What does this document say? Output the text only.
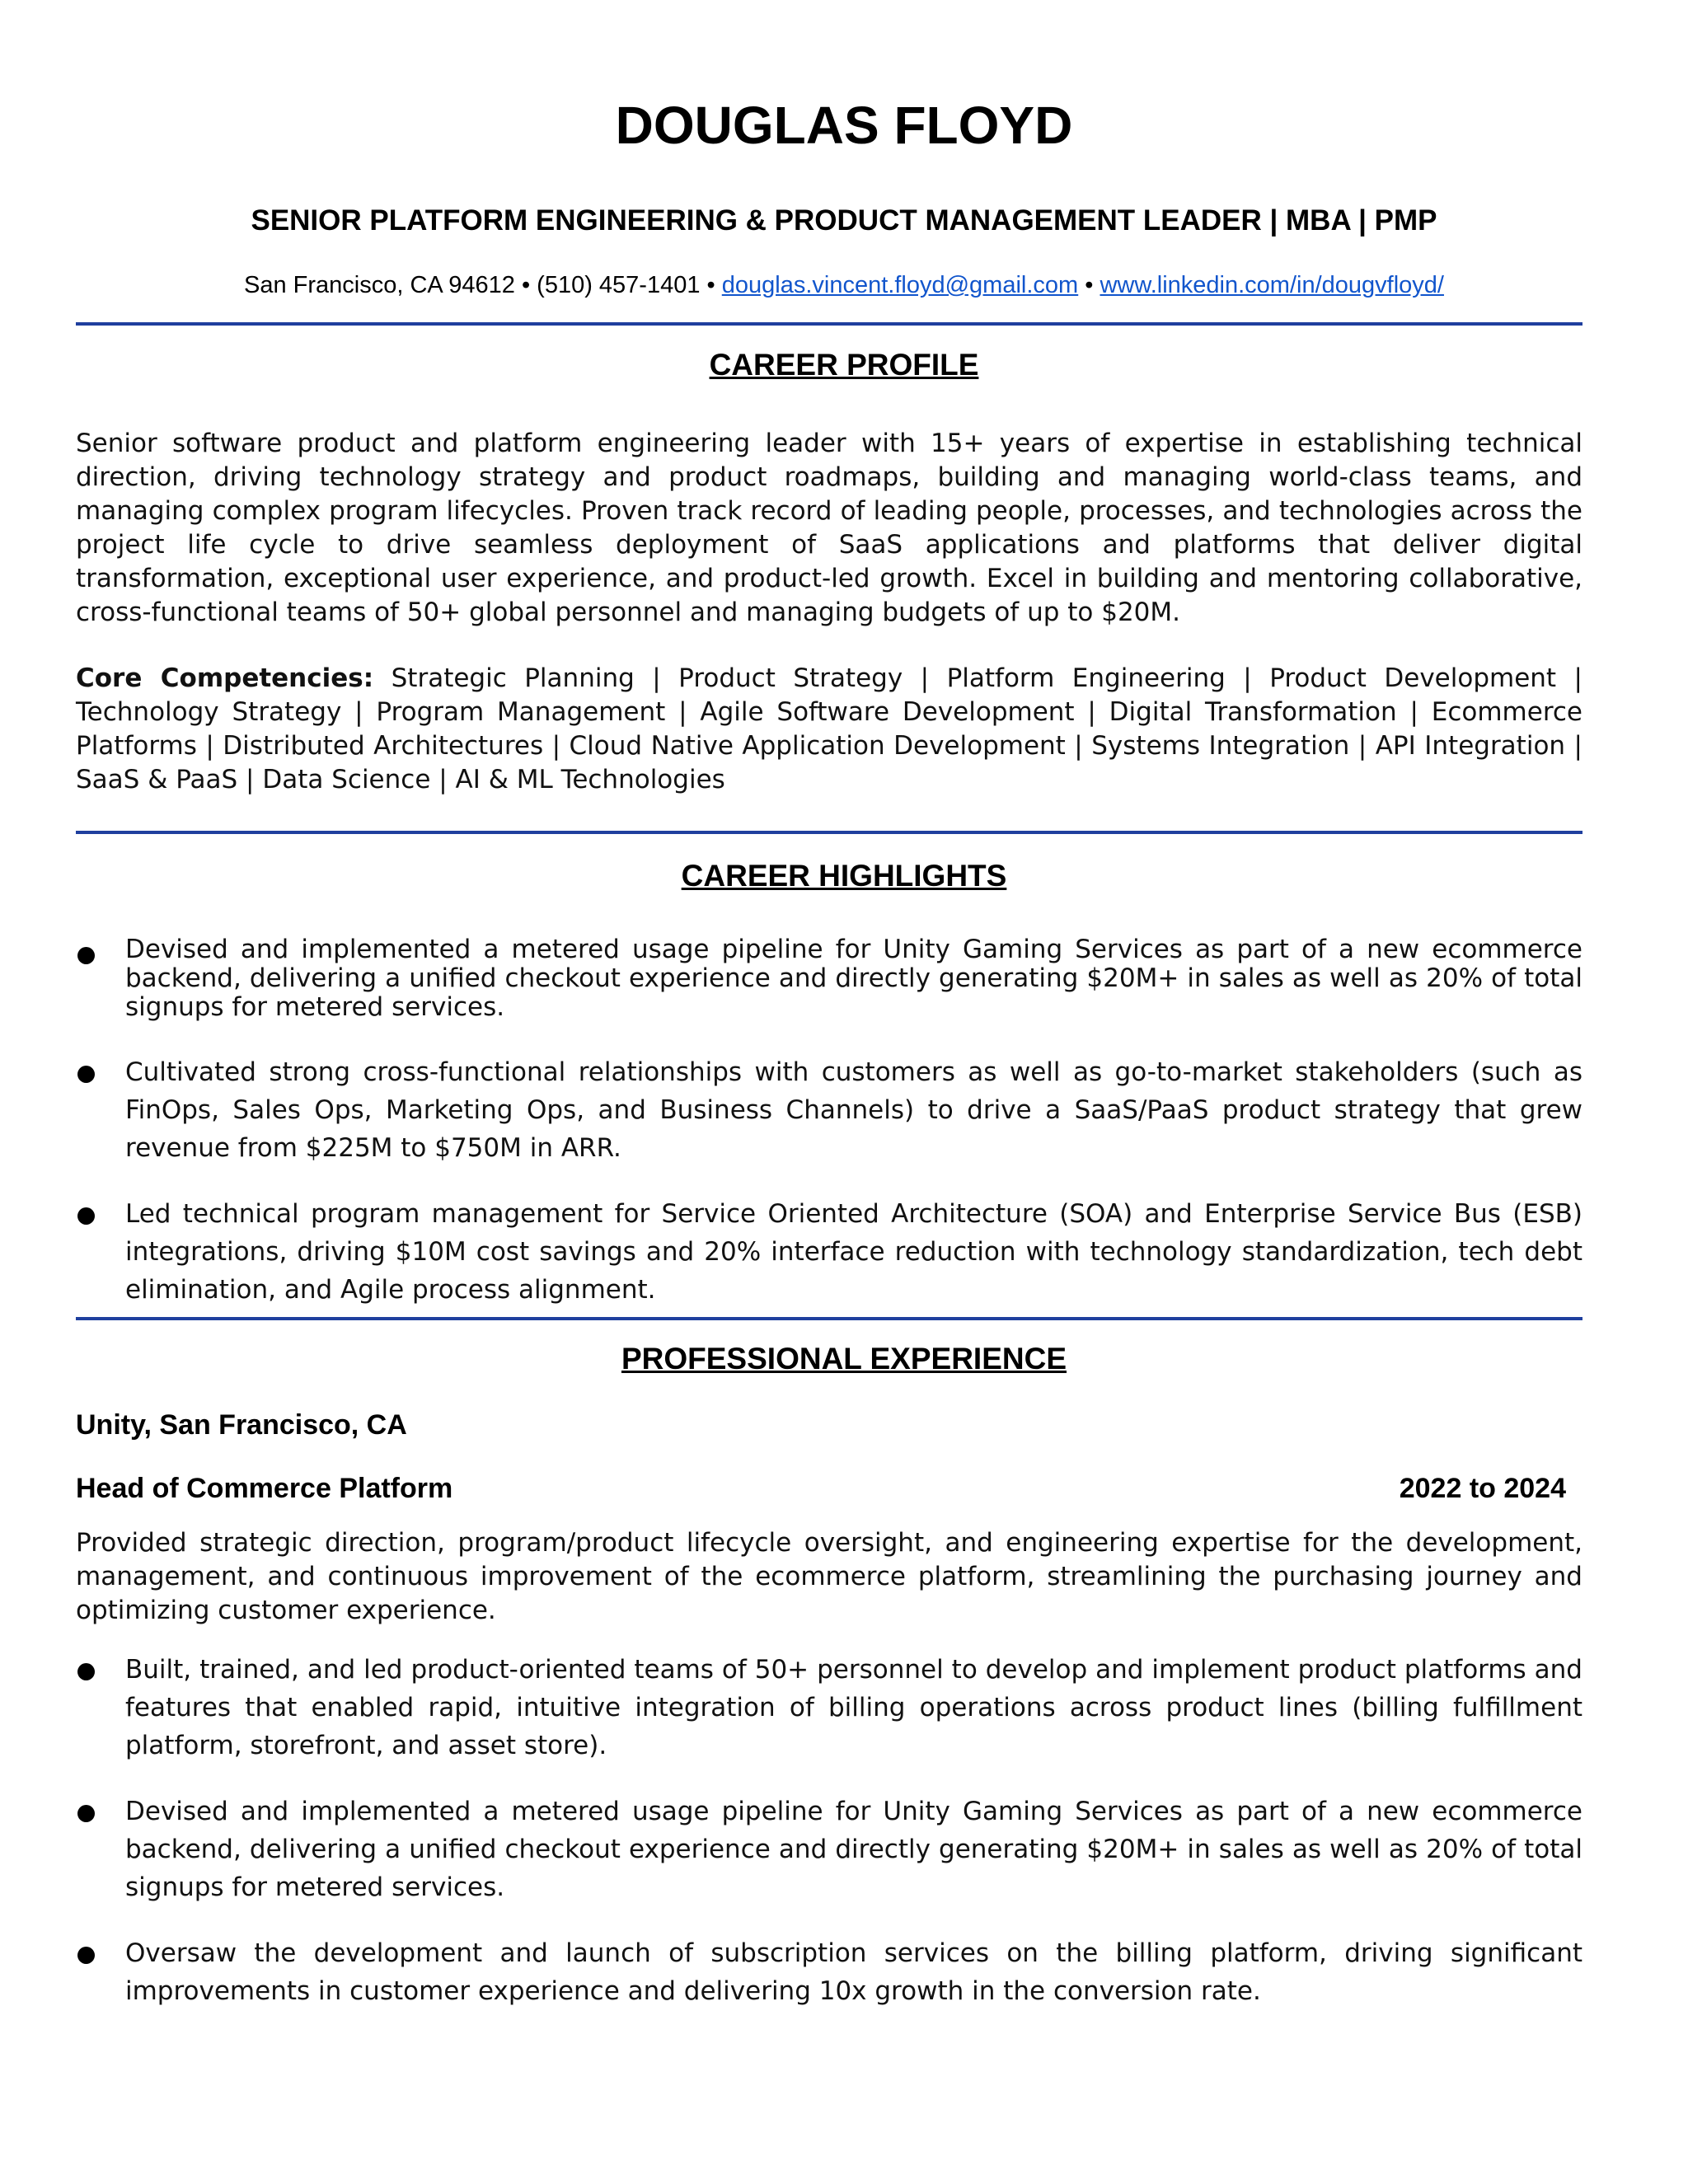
DOUGLAS FLOYD
SENIOR PLATFORM ENGINEERING & PRODUCT MANAGEMENT LEADER | MBA | PMP
San Francisco, CA 94612 • (510) 457-1401 • douglas.vincent.floyd@gmail.com • www.linkedin.com/in/dougvfloyd/
CAREER PROFILE

Senior software product and platform engineering leader with 15+ years of expertise in establishing technical direction, driving technology strategy and product roadmaps, building and managing world-class teams, and managing complex program lifecycles. Proven track record of leading people, processes, and technologies across the project life cycle to drive seamless deployment of SaaS applications and platforms that deliver digital transformation, exceptional user experience, and product-led growth. Excel in building and mentoring collaborative, cross-functional teams of 50+ global personnel and managing budgets of up to $20M.

Core Competencies: Strategic Planning | Product Strategy | Platform Engineering | Product Development | Technology Strategy | Program Management | Agile Software Development | Digital Transformation | Ecommerce Platforms | Distributed Architectures | Cloud Native Application Development | Systems Integration | API Integration | SaaS & PaaS | Data Science | AI & ML Technologies

CAREER HIGHLIGHTS
Devised and implemented a metered usage pipeline for Unity Gaming Services as part of a new ecommerce backend, delivering a unified checkout experience and directly generating $20M+ in sales as well as 20% of total signups for metered services.
Cultivated strong cross-functional relationships with customers as well as go-to-market stakeholders (such as FinOps, Sales Ops, Marketing Ops, and Business Channels) to drive a SaaS/PaaS product strategy that grew revenue from $225M to $750M in ARR.
Led technical program management for Service Oriented Architecture (SOA) and Enterprise Service Bus (ESB) integrations, driving $10M cost savings and 20% interface reduction with technology standardization, tech debt elimination, and Agile process alignment.
PROFESSIONAL EXPERIENCE
Unity, San Francisco, CA
Head of Commerce Platform	2022 to 2024

Provided strategic direction, program/product lifecycle oversight, and engineering expertise for the development, management, and continuous improvement of the ecommerce platform, streamlining the purchasing journey and optimizing customer experience.

Built, trained, and led product-oriented teams of 50+ personnel to develop and implement product platforms and features that enabled rapid, intuitive integration of billing operations across product lines (billing fulfillment platform, storefront, and asset store).
Devised and implemented a metered usage pipeline for Unity Gaming Services as part of a new ecommerce backend, delivering a unified checkout experience and directly generating $20M+ in sales as well as 20% of total signups for metered services.
Oversaw the development and launch of subscription services on the billing platform, driving significant improvements in customer experience and delivering 10x growth in the conversion rate.
